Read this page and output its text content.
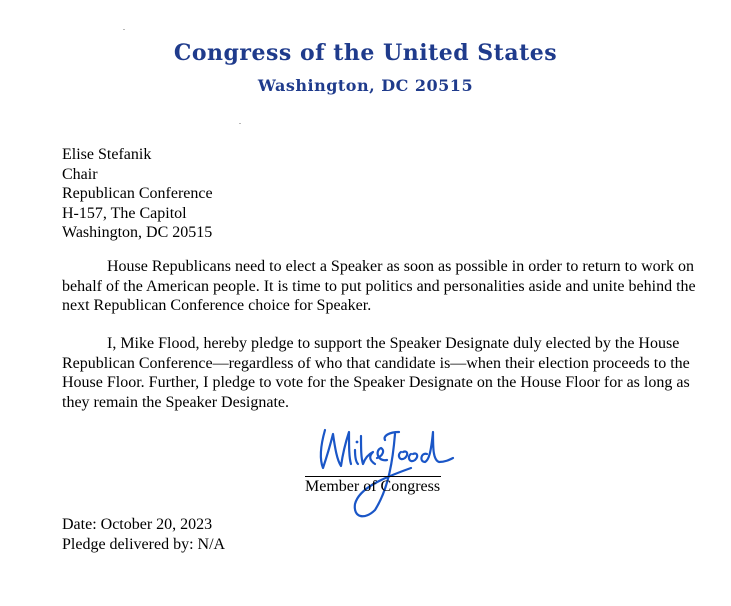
Congress of the United States
Washington, DC 20515
Elise Stefanik
Chair
Republican Conference
H-157, The Capitol
Washington, DC 20515
House Republicans need to elect a Speaker as soon as possible in order to return to work on behalf of the American people. It is time to put politics and personalities aside and unite behind the next Republican Conference choice for Speaker.
I, Mike Flood, hereby pledge to support the Speaker Designate duly elected by the House Republican Conference—regardless of who that candidate is—when their election proceeds to the House Floor. Further, I pledge to vote for the Speaker Designate on the House Floor for as long as they remain the Speaker Designate.
Member of Congress
Date: October 20, 2023
Pledge delivered by: N/A
